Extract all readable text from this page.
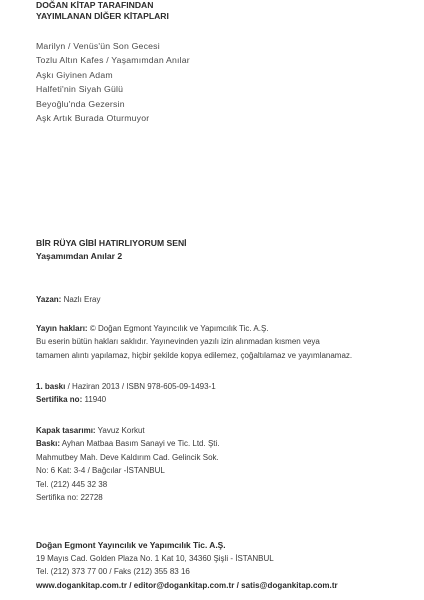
DOĞAN KİTAP TARAFINDAN
YAYIMLANAN DİĞER KİTAPLARI
Marilyn / Venüs'ün Son Gecesi
Tozlu Altın Kafes / Yaşamımdan Anılar
Aşkı Giyinen Adam
Halfeti'nin Siyah Gülü
Beyoğlu'nda Gezersin
Aşk Artık Burada Oturmuyor
BİR RÜYA GİBİ HATIRLIYORUM SENİ
Yaşamımdan Anılar 2
Yazan: Nazlı Eray
Yayın hakları: © Doğan Egmont Yayıncılık ve Yapımcılık Tic. A.Ş.
Bu eserin bütün hakları saklıdır. Yayınevinden yazılı izin alınmadan kısmen veya
tamamen alıntı yapılamaz, hiçbir şekilde kopya edilemez, çoğaltılamaz ve yayımlanamaz.
1. baskı / Haziran 2013 / ISBN 978-605-09-1493-1
Sertifika no: 11940
Kapak tasarımı: Yavuz Korkut
Baskı: Ayhan Matbaa Basım Sanayi ve Tic. Ltd. Şti.
Mahmutbey Mah. Deve Kaldırım Cad. Gelincik Sok.
No: 6 Kat: 3-4 / Bağcılar -İSTANBUL
Tel. (212) 445 32 38
Sertifika no: 22728
Doğan Egmont Yayıncılık ve Yapımcılık Tic. A.Ş.
19 Mayıs Cad. Golden Plaza No. 1 Kat 10, 34360 Şişli - İSTANBUL
Tel. (212) 373 77 00 / Faks (212) 355 83 16
www.dogankitap.com.tr / editor@dogankitap.com.tr / satis@dogankitap.com.tr
